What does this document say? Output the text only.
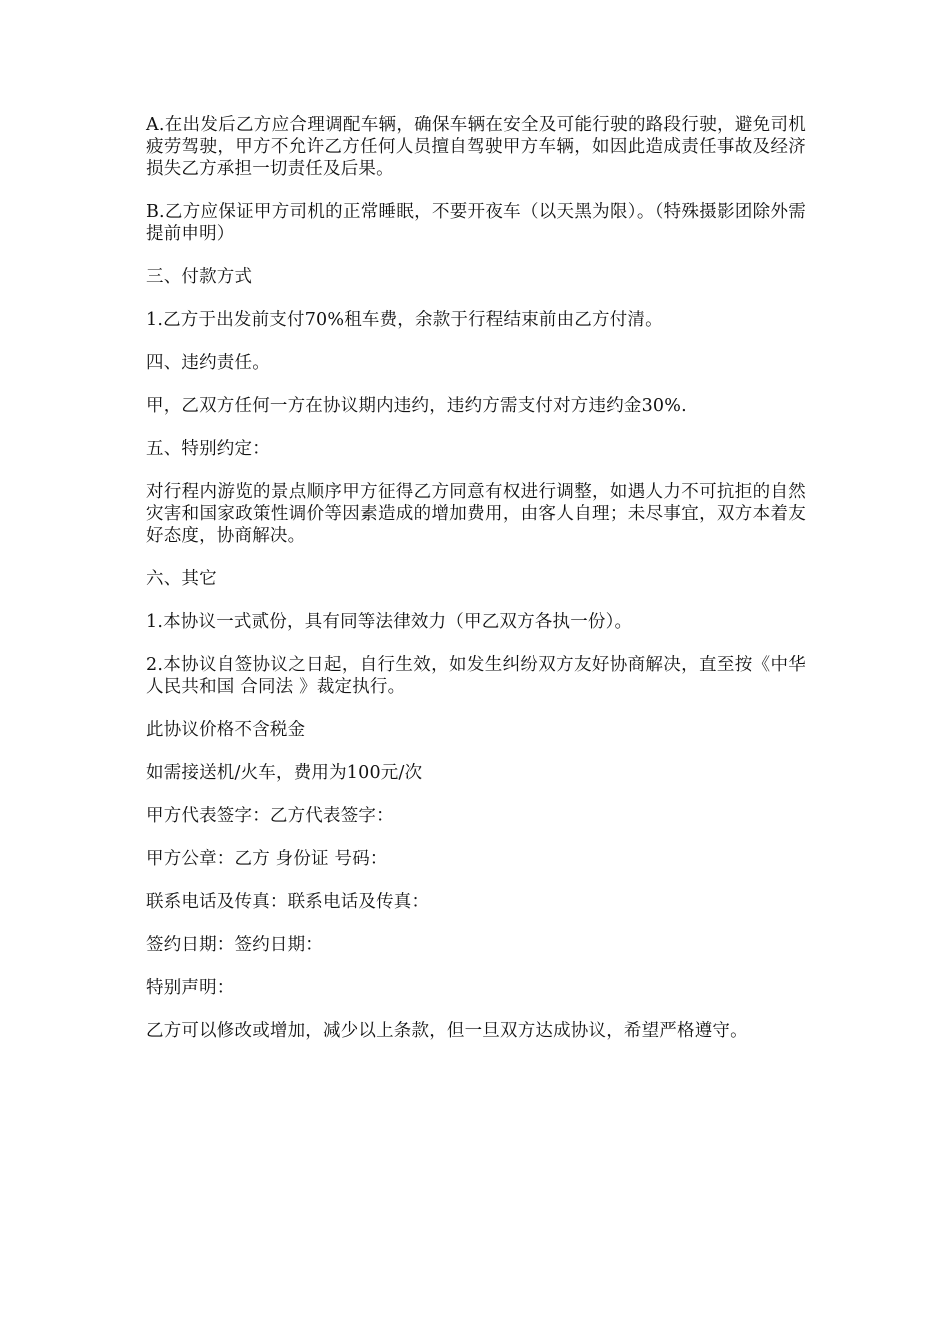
A.在出发后乙方应合理调配车辆，确保车辆在安全及可能行驶的路段行驶，避免司机疲劳驾驶，甲方不允许乙方任何人员擅自驾驶甲方车辆，如因此造成责任事故及经济损失乙方承担一切责任及后果。

B.乙方应保证甲方司机的正常睡眠，不要开夜车（以天黑为限）。（特殊摄影团除外需提前申明）

三、付款方式

1.乙方于出发前支付70%租车费，余款于行程结束前由乙方付清。

四、违约责任。

甲，乙双方任何一方在协议期内违约，违约方需支付对方违约金30%.

五、特别约定：

对行程内游览的景点顺序甲方征得乙方同意有权进行调整，如遇人力不可抗拒的自然灾害和国家政策性调价等因素造成的增加费用，由客人自理；未尽事宜，双方本着友好态度，协商解决。

六、其它

1.本协议一式贰份，具有同等法律效力（甲乙双方各执一份）。

2.本协议自签协议之日起，自行生效，如发生纠纷双方友好协商解决，直至按《中华人民共和国 合同法 》裁定执行。

此协议价格不含税金

如需接送机/火车，费用为100元/次

甲方代表签字：乙方代表签字：

甲方公章：乙方 身份证 号码：

联系电话及传真：联系电话及传真：

签约日期：签约日期：

特别声明：

乙方可以修改或增加，减少以上条款，但一旦双方达成协议，希望严格遵守。
